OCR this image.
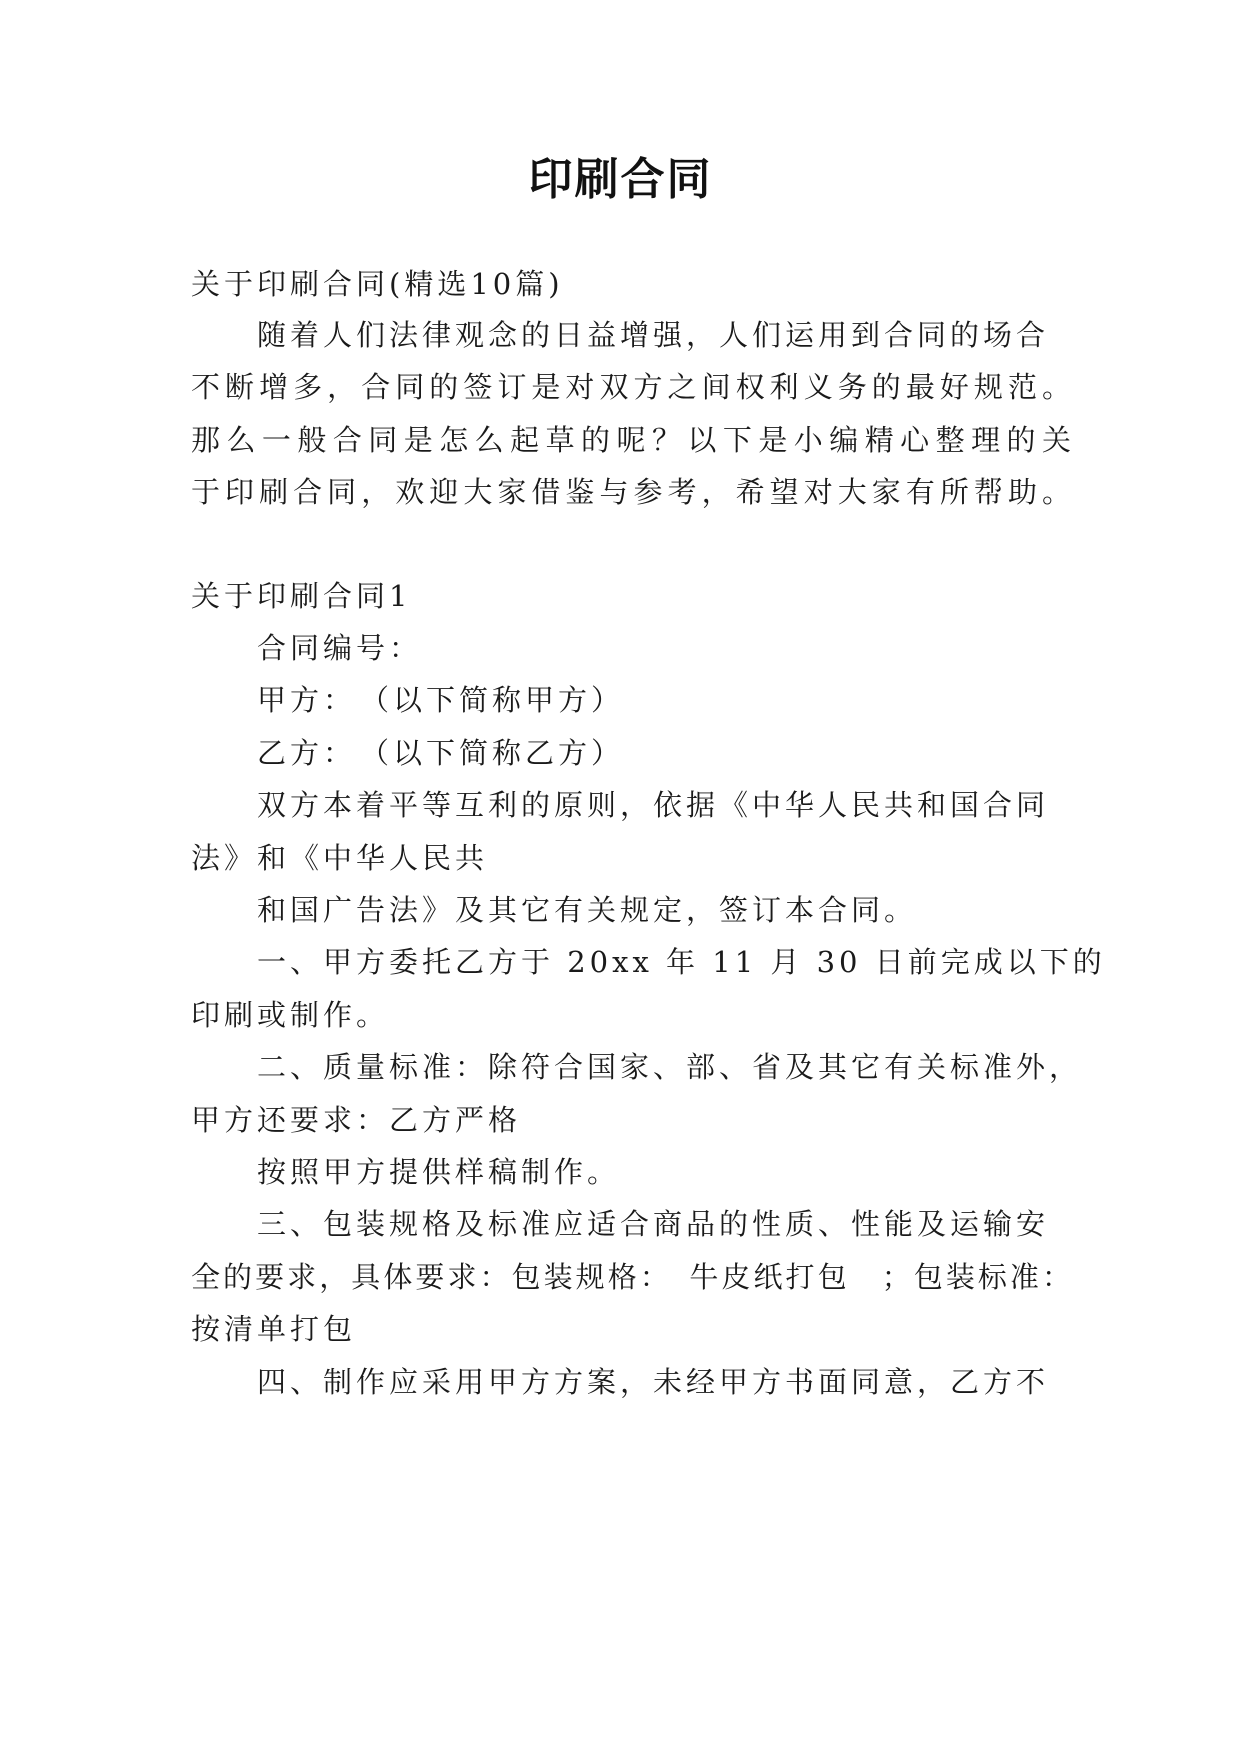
印刷合同
关于印刷合同(精选10篇)
随着人们法律观念的日益增强，人们运用到合同的场合
不断增多，合同的签订是对双方之间权利义务的最好规范。
那么一般合同是怎么起草的呢？以下是小编精心整理的关
于印刷合同，欢迎大家借鉴与参考，希望对大家有所帮助。
关于印刷合同1
合同编号：
甲方：　（以下简称甲方）
乙方：　（以下简称乙方）
双方本着平等互利的原则，依据《中华人民共和国合同
法》和《中华人民共
和国广告法》及其它有关规定，签订本合同。
一、甲方委托乙方于 20xx 年 11 月 30 日前完成以下的
印刷或制作。
二、质量标准：除符合国家、部、省及其它有关标准外，
甲方还要求：乙方严格
按照甲方提供样稿制作。
三、包装规格及标准应适合商品的性质、性能及运输安
全的要求，具体要求：包装规格：　牛皮纸打包　；包装标准：
按清单打包
四、制作应采用甲方方案，未经甲方书面同意，乙方不
